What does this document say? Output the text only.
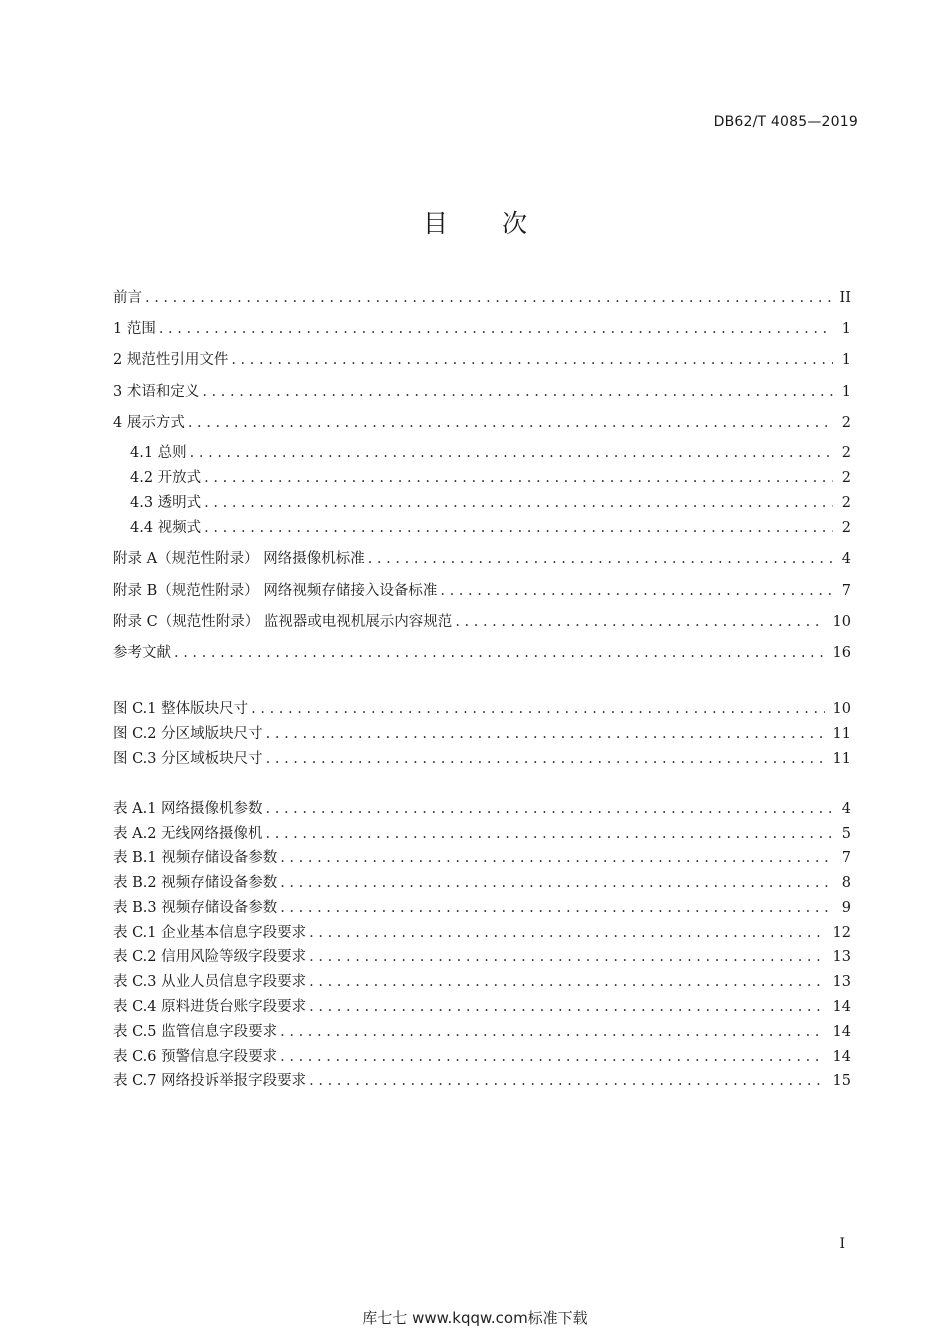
DB62/T 4085—2019
目次
前言 . . .	II
1 范围 . . .	1
2 规范性引用文件 . . .	1
3 术语和定义 . . .	1
4 展示方式 . . .	2
4.1 总则 . . .	2
4.2 开放式 . . .	2
4.3 透明式 . . .	2
4.4 视频式 . . .	2
附录 A（规范性附录） 网络摄像机标准 . . .	4
附录 B（规范性附录） 网络视频存储接入设备标准 . . .	7
附录 C（规范性附录） 监视器或电视机展示内容规范 . . .	10
参考文献 . . .	16
图 C.1 整体版块尺寸 . . .	10
图 C.2 分区域版块尺寸 . . .	11
图 C.3 分区域板块尺寸 . . .	11
表 A.1 网络摄像机参数 . . .	4
表 A.2 无线网络摄像机 . . .	5
表 B.1 视频存储设备参数 . . .	7
表 B.2 视频存储设备参数 . . .	8
表 B.3 视频存储设备参数 . . .	9
表 C.1 企业基本信息字段要求 . . .	12
表 C.2 信用风险等级字段要求 . . .	13
表 C.3 从业人员信息字段要求 . . .	13
表 C.4 原料进货台账字段要求 . . .	14
表 C.5 监管信息字段要求 . . .	14
表 C.6 预警信息字段要求 . . .	14
表 C.7 网络投诉举报字段要求 . . .	15
I
库七七 www.kqqw.com标准下载
